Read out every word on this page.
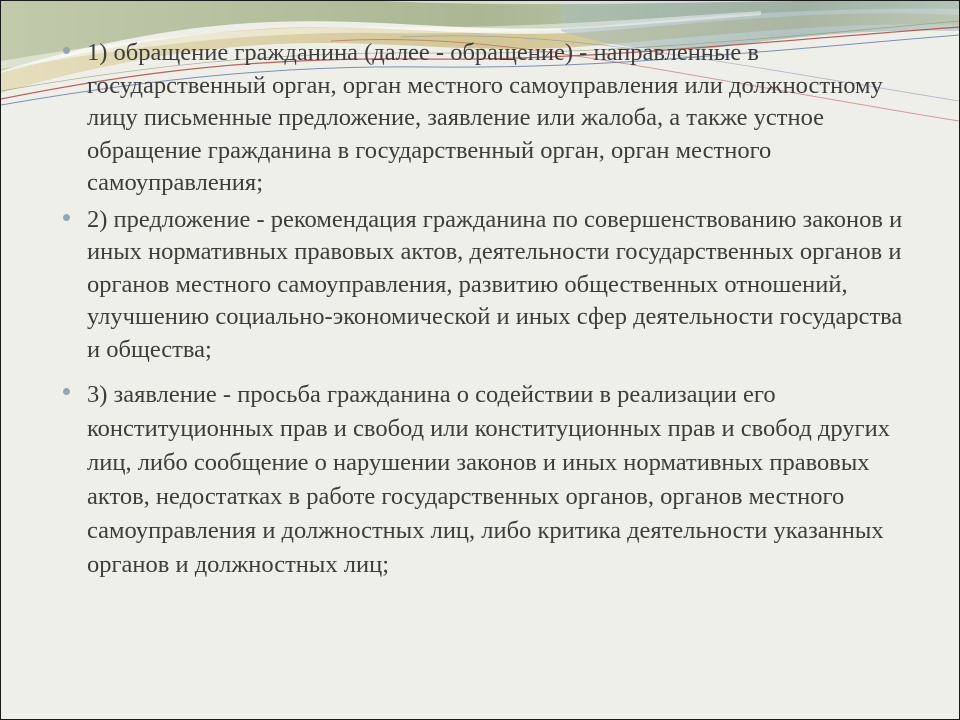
1) обращение гражданина (далее - обращение) - направленные в государственный орган, орган местного самоуправления или должностному лицу письменные предложение, заявление или жалоба, а также устное обращение гражданина в государственный орган, орган местного самоуправления;
2) предложение - рекомендация гражданина по совершенствованию законов и иных нормативных правовых актов, деятельности государственных органов и органов местного самоуправления, развитию общественных отношений, улучшению социально-экономической и иных сфер деятельности государства и общества;
3) заявление - просьба гражданина о содействии в реализации его конституционных прав и свобод или конституционных прав и свобод других лиц, либо сообщение о нарушении законов и иных нормативных правовых актов, недостатках в работе государственных органов, органов местного самоуправления и должностных лиц, либо критика деятельности указанных органов и должностных лиц;
